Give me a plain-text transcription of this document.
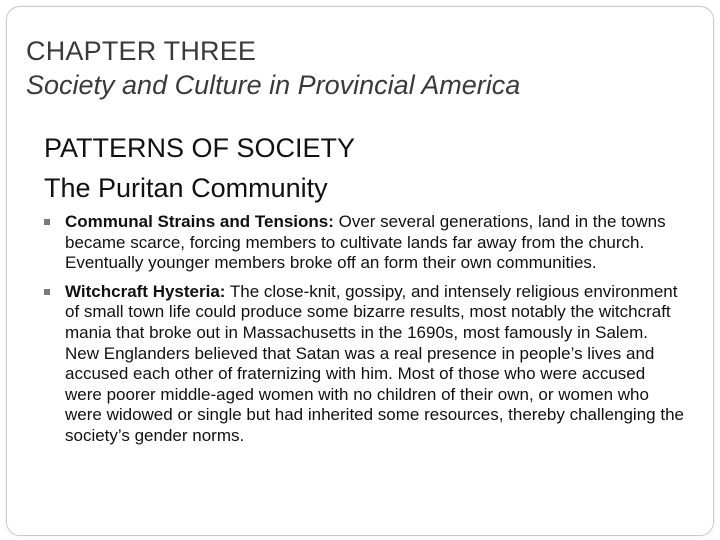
CHAPTER THREE
Society and Culture in Provincial America
PATTERNS OF SOCIETY
The Puritan Community
Communal Strains and Tensions: Over several generations, land in the towns became scarce, forcing members to cultivate lands far away from the church. Eventually younger members broke off an form their own communities.
Witchcraft Hysteria: The close-knit, gossipy, and intensely religious environment of small town life could produce some bizarre results, most notably the witchcraft mania that broke out in Massachusetts in the 1690s, most famously in Salem. New Englanders believed that Satan was a real presence in people’s lives and accused each other of fraternizing with him. Most of those who were accused were poorer middle-aged women with no children of their own, or women who were widowed or single but had inherited some resources, thereby challenging the society’s gender norms.
